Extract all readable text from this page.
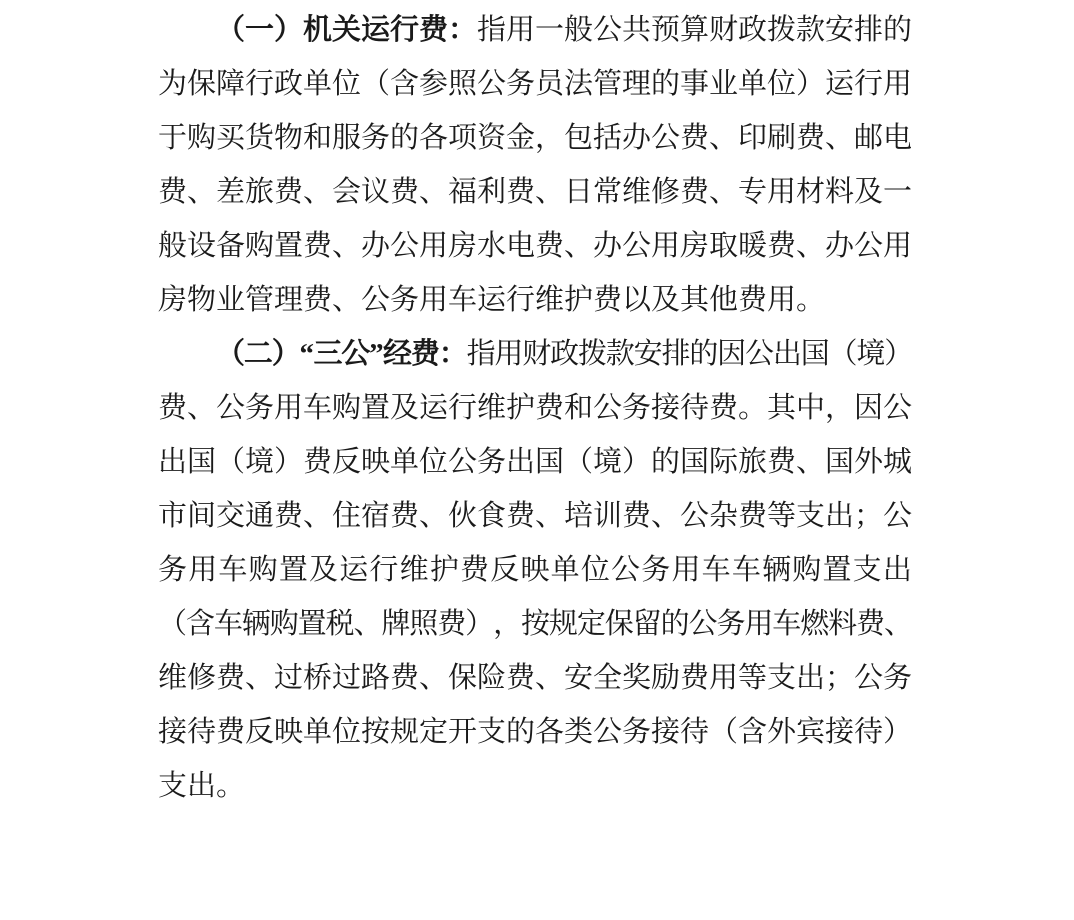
（ 一 ） 机 关 运 行 费 ： 指 用 一 般 公 共 预 算 财 政 拨 款 安 排 的
为 保 障 行 政 单 位 （ 含 参 照 公 务 员 法 管 理 的 事 业 单 位 ） 运 行 用
于 购 买 货 物 和 服 务 的 各 项 资 金 ， 包 括 办 公 费 、 印 刷 费 、 邮 电
费 、 差 旅 费 、 会 议 费 、 福 利 费 、 日 常 维 修 费 、 专 用 材 料 及 一
般 设 备 购 置 费 、 办 公 用 房 水 电 费 、 办 公 用 房 取 暖 费 、 办 公 用
房物业管理费、公务用车运行维护费以及其他费用。
（
二
）
“ 三
公
” 经
费
：
指
用
财
政
拨
款
安
排
的
因
公
出
国
（
境
）
费 、 公 务 用 车 购 置 及 运 行 维 护 费 和 公 务 接 待 费 。 其 中 ， 因 公
出 国 （ 境 ） 费 反 映 单 位 公 务 出 国 （ 境 ） 的 国 际 旅 费 、 国 外 城
市 间 交 通 费 、 住 宿 费 、 伙 食 费 、 培 训 费 、 公 杂 费 等 支 出 ； 公
务 用 车 购 置 及 运 行 维 护 费 反 映 单 位 公 务 用 车 车 辆 购 置 支 出
（
含
车
辆
购
置
税
、
牌
照
费
）
，
按
规
定
保
留
的
公
务
用
车
燃
料
费
、
维 修 费 、 过 桥 过 路 费 、 保 险 费 、 安 全 奖 励 费 用 等 支 出 ； 公 务
接 待 费 反 映 单 位 按 规 定 开 支 的 各 类 公 务 接 待 （ 含 外 宾 接 待 ）
支出。
